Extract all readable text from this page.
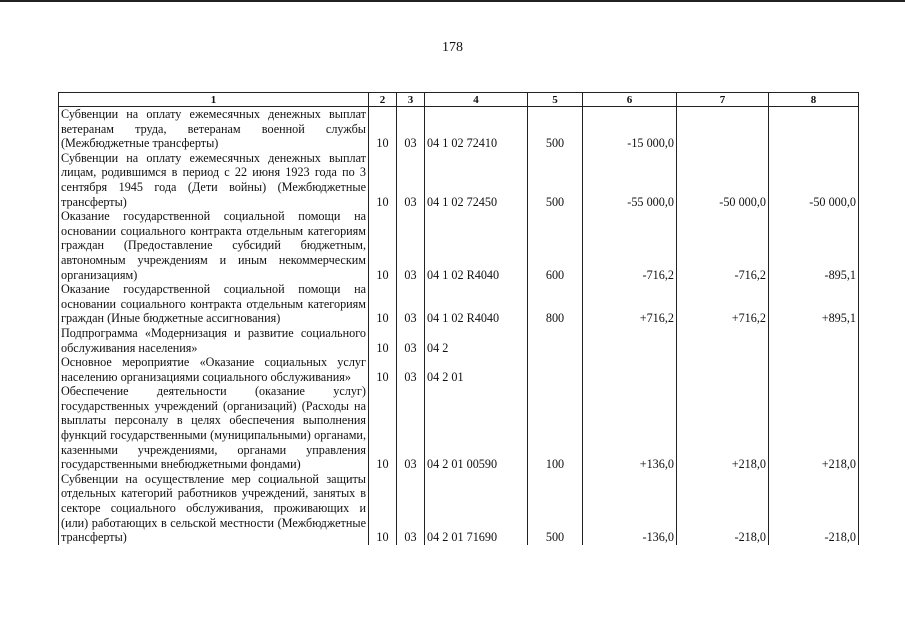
178
1	2	3	4	5	6	7	8
Субвенции на оплату ежемесячных денежных выплат ветеранам труда, ветеранам военной службы (Межбюджетные трансферты)	10	03	04 1 02 72410	500	-15 000,0		
Субвенции на оплату ежемесячных денежных выплат лицам, родившимся в период с 22 июня 1923 года по 3 сентября 1945 года (Дети войны) (Межбюджетные трансферты)	10	03	04 1 02 72450	500	-55 000,0	-50 000,0	-50 000,0
Оказание государственной социальной помощи на основании социального контракта отдельным категориям граждан (Предоставление субсидий бюджетным, автономным учреждениям и иным некоммерческим организациям)	10	03	04 1 02 R4040	600	-716,2	-716,2	-895,1
Оказание государственной социальной помощи на основании социального контракта отдельным категориям граждан (Иные бюджетные ассигнования)	10	03	04 1 02 R4040	800	+716,2	+716,2	+895,1
Подпрограмма «Модернизация и развитие социального обслуживания населения»	10	03	04 2				
Основное мероприятие «Оказание социальных услуг населению организациями социального обслуживания»	10	03	04 2 01				
Обеспечение деятельности (оказание услуг) государственных учреждений (организаций) (Расходы на выплаты персоналу в целях обеспечения выполнения функций государственными (муниципальными) органами, казенными учреждениями, органами управления государственными внебюджетными фондами)	10	03	04 2 01 00590	100	+136,0	+218,0	+218,0
Субвенции на осуществление мер социальной защиты отдельных категорий работников учреждений, занятых в секторе социального обслуживания, проживающих и (или) работающих в сельской местности (Межбюджетные трансферты)	10	03	04 2 01 71690	500	-136,0	-218,0	-218,0
